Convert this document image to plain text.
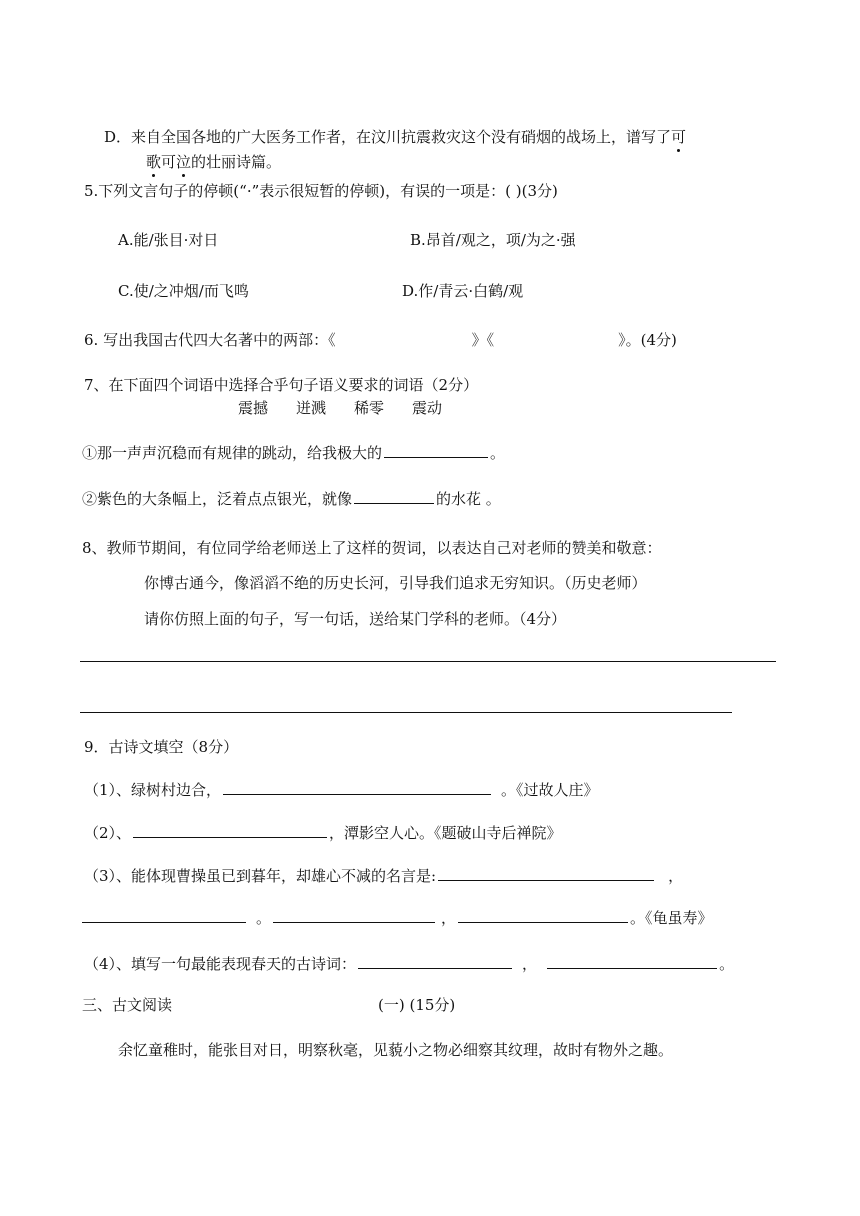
D．来自全国各地的广大医务工作者，在汶川抗震救灾这个没有硝烟的战场上，谱写了可
歌可泣的壮丽诗篇。
5.下列文言句子的停顿(“·”表示很短暂的停顿)，有误的一项是：( )(3分)
A.能/张目·对日	B.昂首/观之，项/为之·强
C.使/之冲烟/而飞鸣	D.作/青云·白鹤/观
6. 写出我国古代四大名著中的两部：《	》《	》。(4分)
7、在下面四个词语中选择合乎句子语义要求的词语（2分）
震撼 迸溅 稀零 震动
①那一声声沉稳而有规律的跳动，给我极大的	。
②紫色的大条幅上，泛着点点银光，就像	的水花 。
8、教师节期间，有位同学给老师送上了这样的贺词，以表达自己对老师的赞美和敬意：
你博古通今，像滔滔不绝的历史长河，引导我们追求无穷知识。（历史老师）
请你仿照上面的句子，写一句话，送给某门学科的老师。（4分）
9．古诗文填空（8分）
（1）、绿树村边合，	。《过故人庄》
（2）、	，潭影空人心。《题破山寺后禅院》
（3）、能体现曹操虽已到暮年，却雄心不减的名言是:	，
。	，	。《龟虽寿》
（4）、填写一句最能表现春天的古诗词：	，	。
三、古文阅读	(一) (15分)
余忆童稚时，能张目对日，明察秋毫，见藐小之物必细察其纹理，故时有物外之趣。
